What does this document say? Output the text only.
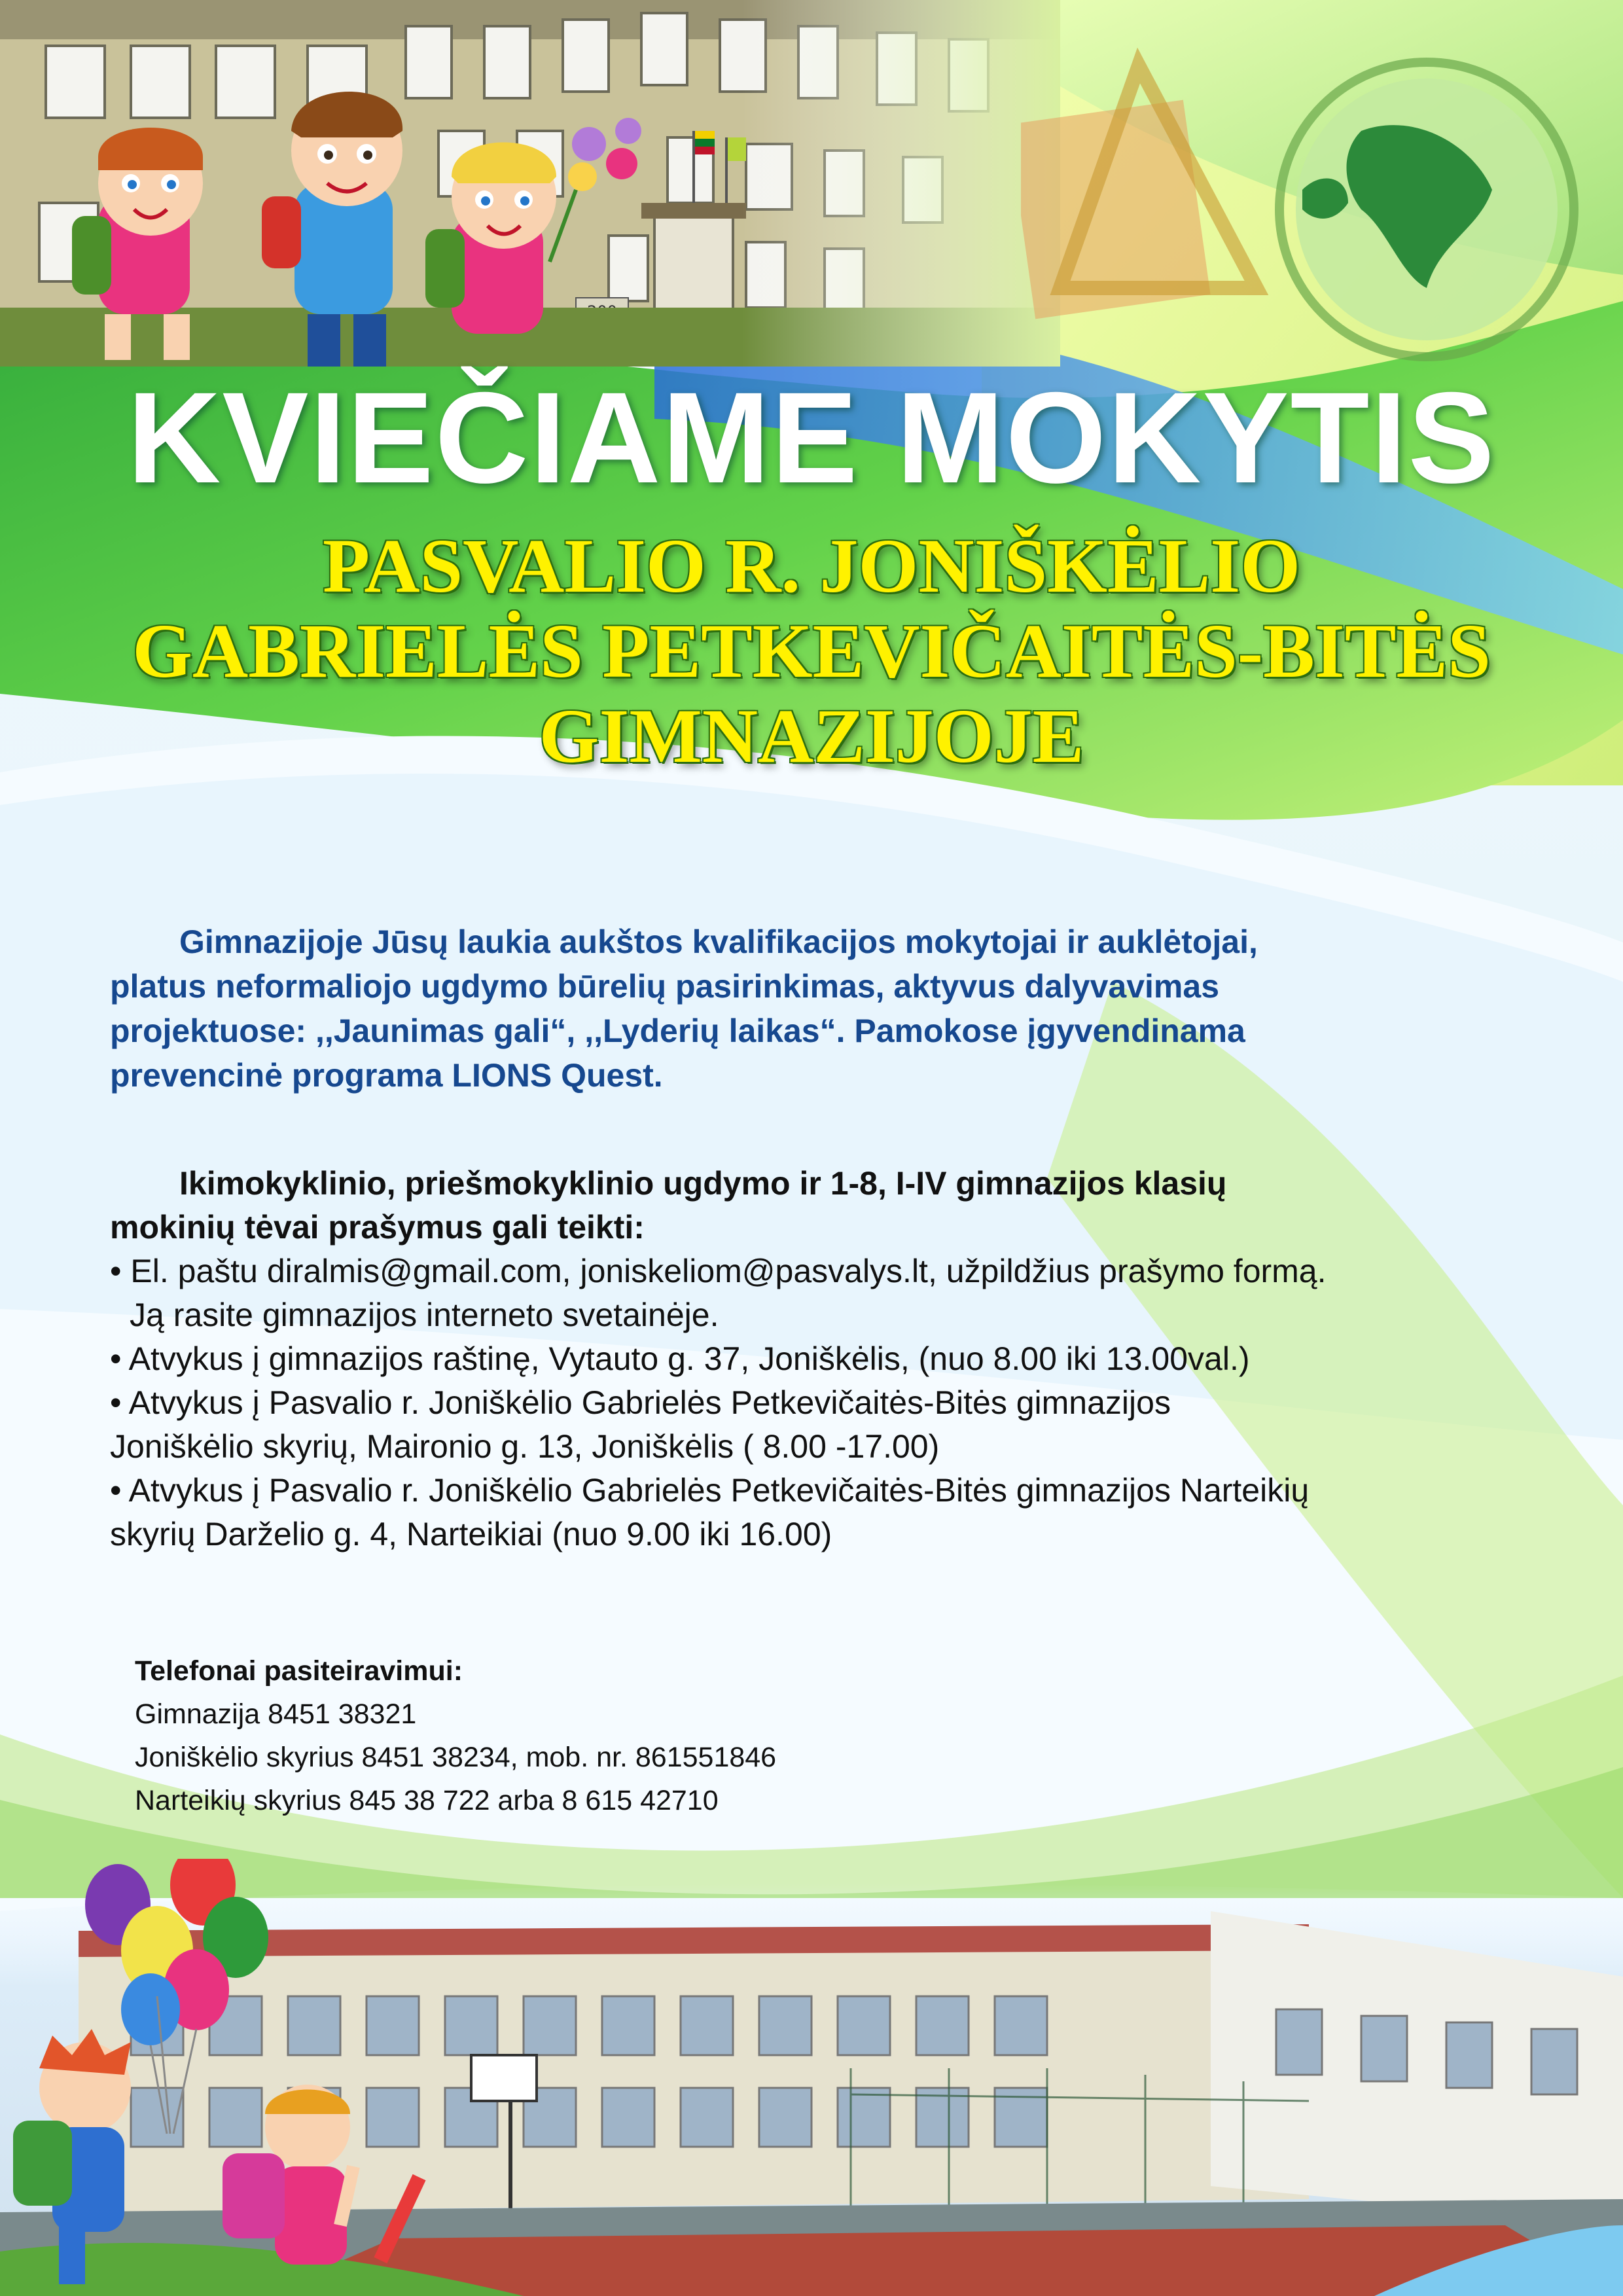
KVIEČIAME MOKYTIS
PASVALIO R. JONIŠKĖLIO
GABRIELĖS PETKEVIČAITĖS-BITĖS
GIMNAZIJOJE
Gimnazijoje Jūsų laukia aukštos kvalifikacijos mokytojai ir auklėtojai,
platus neformaliojo ugdymo būrelių pasirinkimas, aktyvus dalyvavimas
projektuose: ,,Jaunimas gali“, ,,Lyderių laikas“. Pamokose įgyvendinama
prevencinė programa LIONS Quest.
Ikimokyklinio, priešmokyklinio ugdymo ir 1-8, I-IV gimnazijos klasių
mokinių tėvai prašymus gali teikti:
• El. paštu diralmis@gmail.com, joniskeliom@pasvalys.lt, užpildžius prašymo formą.
Ją rasite gimnazijos interneto svetainėje.
• Atvykus į gimnazijos raštinę, Vytauto g. 37, Joniškėlis, (nuo 8.00 iki 13.00val.)
• Atvykus į Pasvalio r. Joniškėlio Gabrielės Petkevičaitės-Bitės gimnazijos
Joniškėlio skyrių, Maironio g. 13, Joniškėlis ( 8.00 -17.00)
• Atvykus į Pasvalio r. Joniškėlio Gabrielės Petkevičaitės-Bitės gimnazijos Narteikių
skyrių Darželio g. 4, Narteikiai (nuo 9.00 iki 16.00)
Telefonai pasiteiravimui:
Gimnazija 8451 38321
Joniškėlio skyrius 8451 38234, mob. nr. 861551846
Narteikių skyrius 845 38 722 arba 8 615 42710
